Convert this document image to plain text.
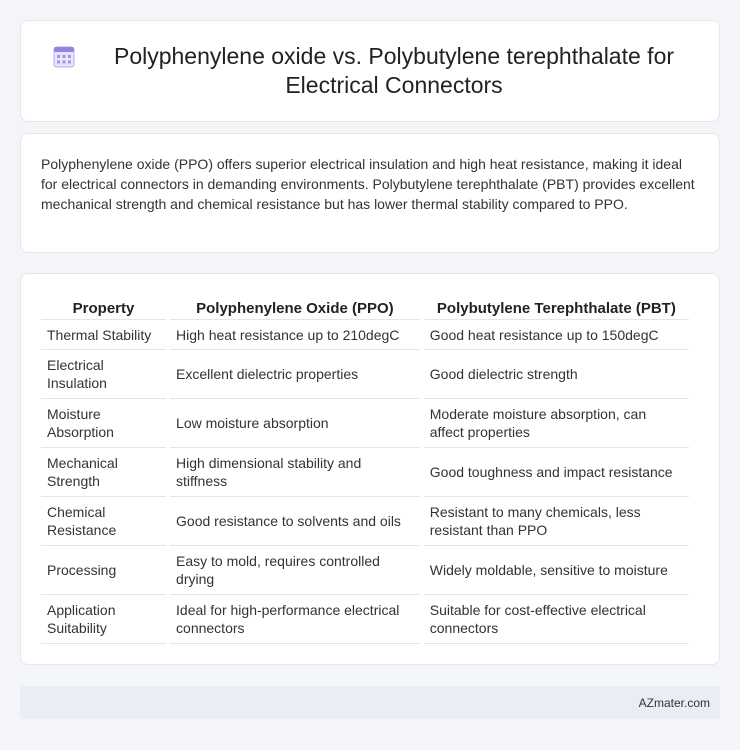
Polyphenylene oxide vs. Polybutylene terephthalate for Electrical Connectors

Polyphenylene oxide (PPO) offers superior electrical insulation and high heat resistance, making it ideal for electrical connectors in demanding environments. Polybutylene terephthalate (PBT) provides excellent mechanical strength and chemical resistance but has lower thermal stability compared to PPO.

Property	Polyphenylene Oxide (PPO)	Polybutylene Terephthalate (PBT)
Thermal Stability	High heat resistance up to 210degC	Good heat resistance up to 150degC
Electrical Insulation	Excellent dielectric properties	Good dielectric strength
Moisture Absorption	Low moisture absorption	Moderate moisture absorption, can affect properties
Mechanical Strength	High dimensional stability and stiffness	Good toughness and impact resistance
Chemical Resistance	Good resistance to solvents and oils	Resistant to many chemicals, less resistant than PPO
Processing	Easy to mold, requires controlled drying	Widely moldable, sensitive to moisture
Application Suitability	Ideal for high-performance electrical connectors	Suitable for cost-effective electrical connectors
AZmater.com
